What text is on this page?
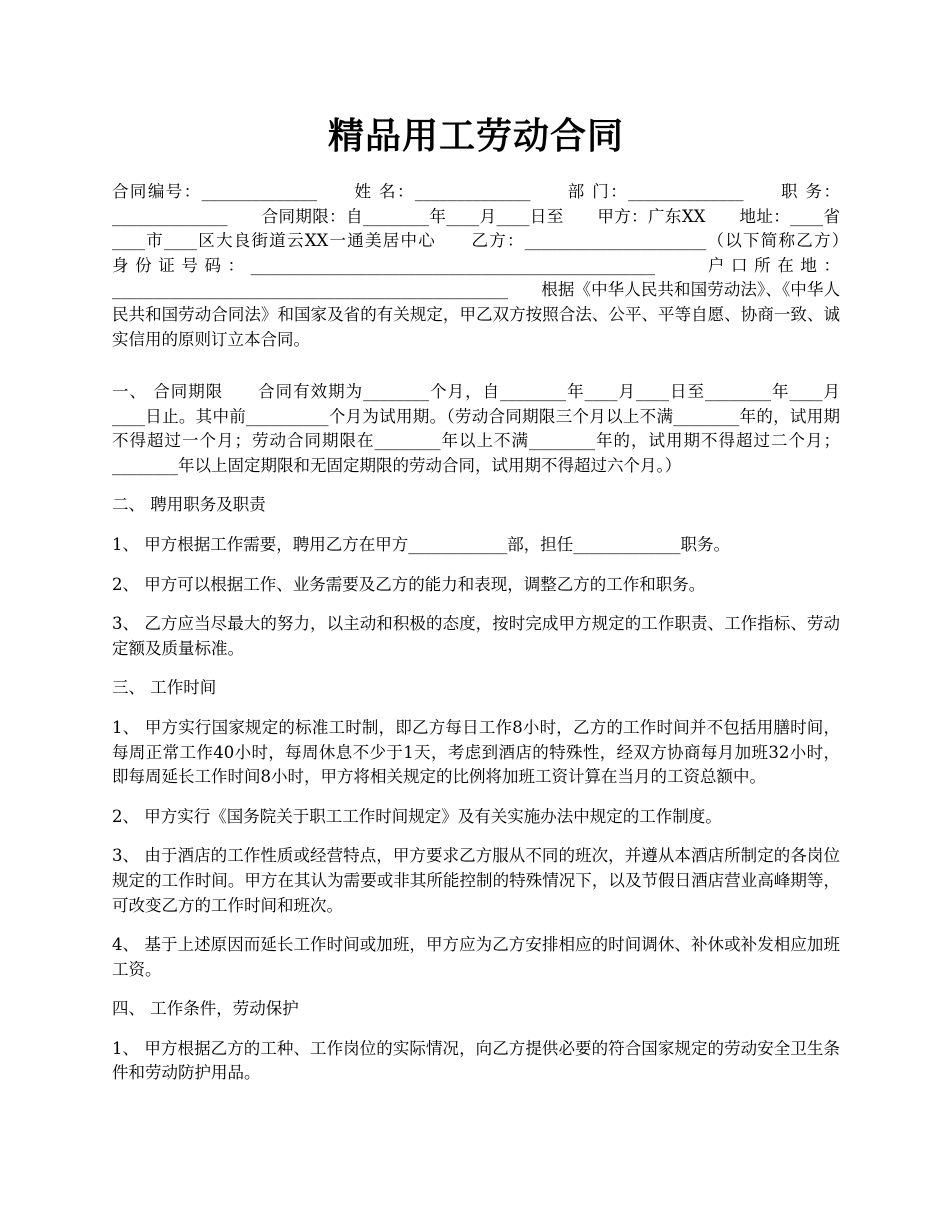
精品用工劳动合同

合同编号：______________　　姓 名：______________　　部 门：______________　　职 务：______________　　合同期限：自________年____月____日至　　甲方：广东XX　　地址：____省____市____区大良街道云XX一通美居中心　　乙方：______________________（以下简称乙方）　　身份证号码：_________________________________________________　　户口所在地：________________________________________________　　根据《中华人民共和国劳动法》、《中华人民共和国劳动合同法》和国家及省的有关规定，甲乙双方按照合法、公平、平等自愿、协商一致、诚实信用的原则订立本合同。

一、 合同期限　　合同有效期为________个月，自________年____月____日至________年____月____日止。其中前__________个月为试用期。（劳动合同期限三个月以上不满________年的，试用期不得超过一个月；劳动合同期限在________年以上不满________年的，试用期不得超过二个月；________年以上固定期限和无固定期限的劳动合同，试用期不得超过六个月。）

二、 聘用职务及职责

1、 甲方根据工作需要，聘用乙方在甲方____________部，担任_____________职务。

2、 甲方可以根据工作、业务需要及乙方的能力和表现，调整乙方的工作和职务。

3、 乙方应当尽最大的努力，以主动和积极的态度，按时完成甲方规定的工作职责、工作指标、劳动定额及质量标准。

三、 工作时间

1、 甲方实行国家规定的标准工时制，即乙方每日工作8小时，乙方的工作时间并不包括用膳时间，每周正常工作40小时，每周休息不少于1天，考虑到酒店的特殊性，经双方协商每月加班32小时，即每周延长工作时间8小时，甲方将相关规定的比例将加班工资计算在当月的工资总额中。

2、 甲方实行《国务院关于职工工作时间规定》及有关实施办法中规定的工作制度。

3、 由于酒店的工作性质或经营特点，甲方要求乙方服从不同的班次，并遵从本酒店所制定的各岗位规定的工作时间。甲方在其认为需要或非其所能控制的特殊情况下，以及节假日酒店营业高峰期等，可改变乙方的工作时间和班次。

4、 基于上述原因而延长工作时间或加班，甲方应为乙方安排相应的时间调休、补休或补发相应加班工资。

四、 工作条件，劳动保护

1、 甲方根据乙方的工种、工作岗位的实际情况，向乙方提供必要的符合国家规定的劳动安全卫生条件和劳动防护用品。
